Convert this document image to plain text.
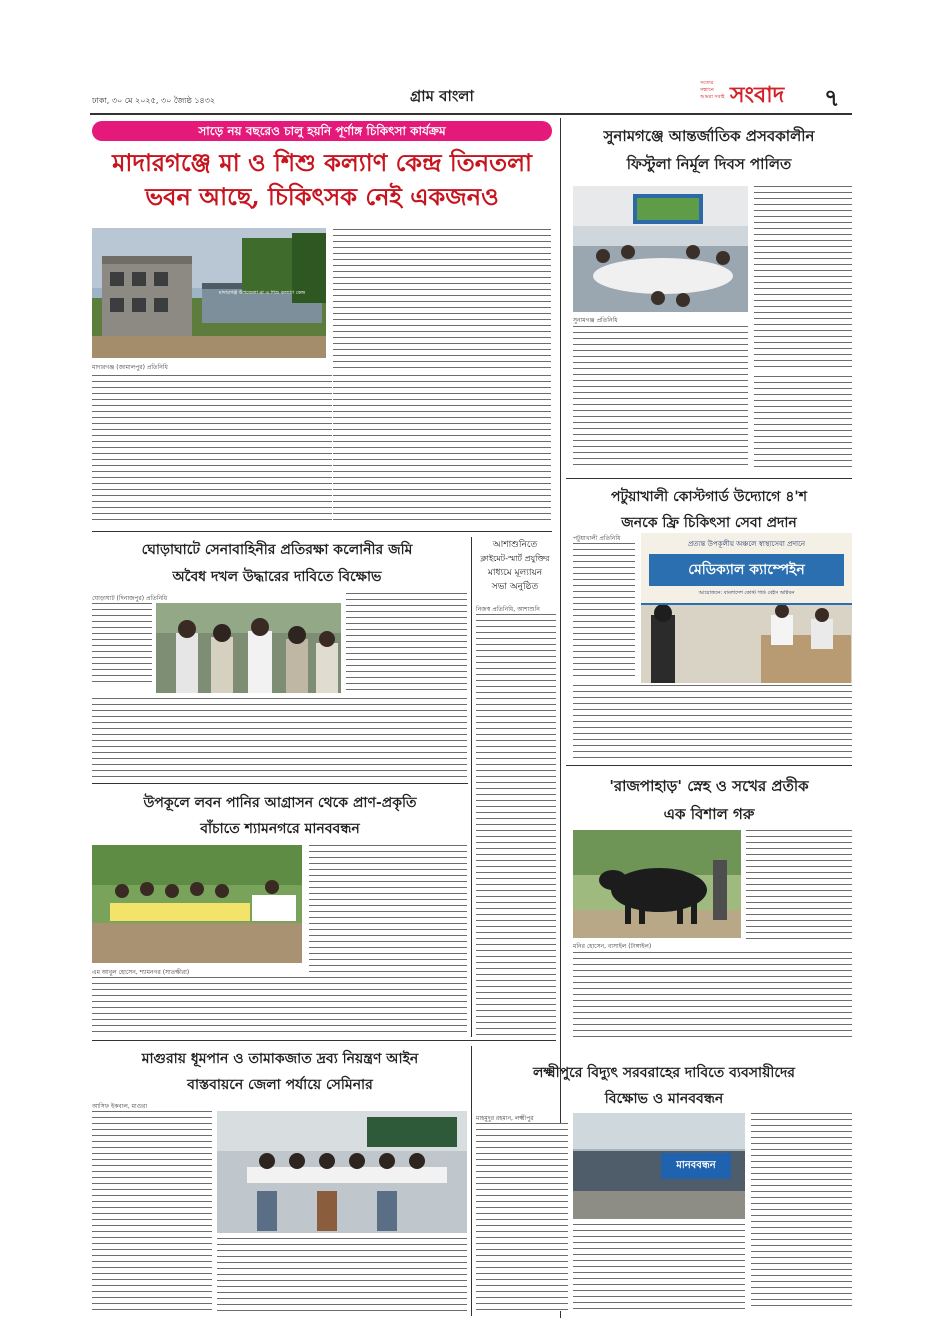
ঢাকা, ৩০ মে ২০২৫, ৩০ জ্যৈষ্ঠ ১৪৩২	গ্রাম বাংলা
সত্যের সন্ধানে আমরা সবাই সংবাদ ৭
সাড়ে নয় বছরেও চালু হয়নি পূর্ণাঙ্গ চিকিৎসা কার্যক্রম
মাদারগঞ্জে মা ও শিশু কল্যাণ কেন্দ্র তিনতলা
ভবন আছে, চিকিৎসক নেই একজনও
মাদারগঞ্জ উপজেলা মা ও শিশু কল্যাণ কেন্দ্র
মাদারগঞ্জ (জামালপুর) প্রতিনিধি
সুনামগঞ্জে আন্তর্জাতিক প্রসবকালীন
ফিস্টুলা নির্মূল দিবস পালিত
সুনামগঞ্জ প্রতিনিধি
পটুয়াখালী কোস্টগার্ড উদ্যোগে ৪'শ
জনকে ফ্রি চিকিৎসা সেবা প্রদান
পটুয়াখালী প্রতিনিধি
প্রত্যন্ত উপকূলীয় অঞ্চলে স্বাস্থ্যসেবা প্রদানে
মেডিক্যাল ক্যাম্পেইন
আয়োজনে: বাংলাদেশ কোস্ট গার্ড বেইস অগ্নিবন
ঘোড়াঘাটে সেনাবাহিনীর প্রতিরক্ষা কলোনীর জমি
অবৈধ দখল উদ্ধারের দাবিতে বিক্ষোভ
ঘোড়াঘাট (দিনাজপুর) প্রতিনিধি
আশাশুনিতে
ক্লাইমেট-স্মার্ট প্রযুক্তির
মাধ্যমে মূল্যায়ন
সভা অনুষ্ঠিত
নিজস্ব প্রতিনিধি, আশাশুনি
উপকূলে লবন পানির আগ্রাসন থেকে প্রাণ-প্রকৃতি
বাঁচাতে শ্যামনগরে মানববন্ধন
এম আবুল হোসেন, শ্যামনগর (সাতক্ষীরা)
'রাজপাহাড়' স্নেহ ও সখের প্রতীক
এক বিশাল গরু
মনির হোসেন, বাসাইল (টাঙ্গাইল)
মাগুরায় ধূমপান ও তামাকজাত দ্রব্য নিয়ন্ত্রণ আইন
বাস্তবায়নে জেলা পর্যায়ে সেমিনার
আসিফ ইকবাল, মাগুরা
লক্ষ্মীপুরে বিদ্যুৎ সরবরাহের দাবিতে ব্যবসায়ীদের
বিক্ষোভ ও মানববন্ধন
মাহমুদুর রহমান, লক্ষ্মীপুর
মানববন্ধন
